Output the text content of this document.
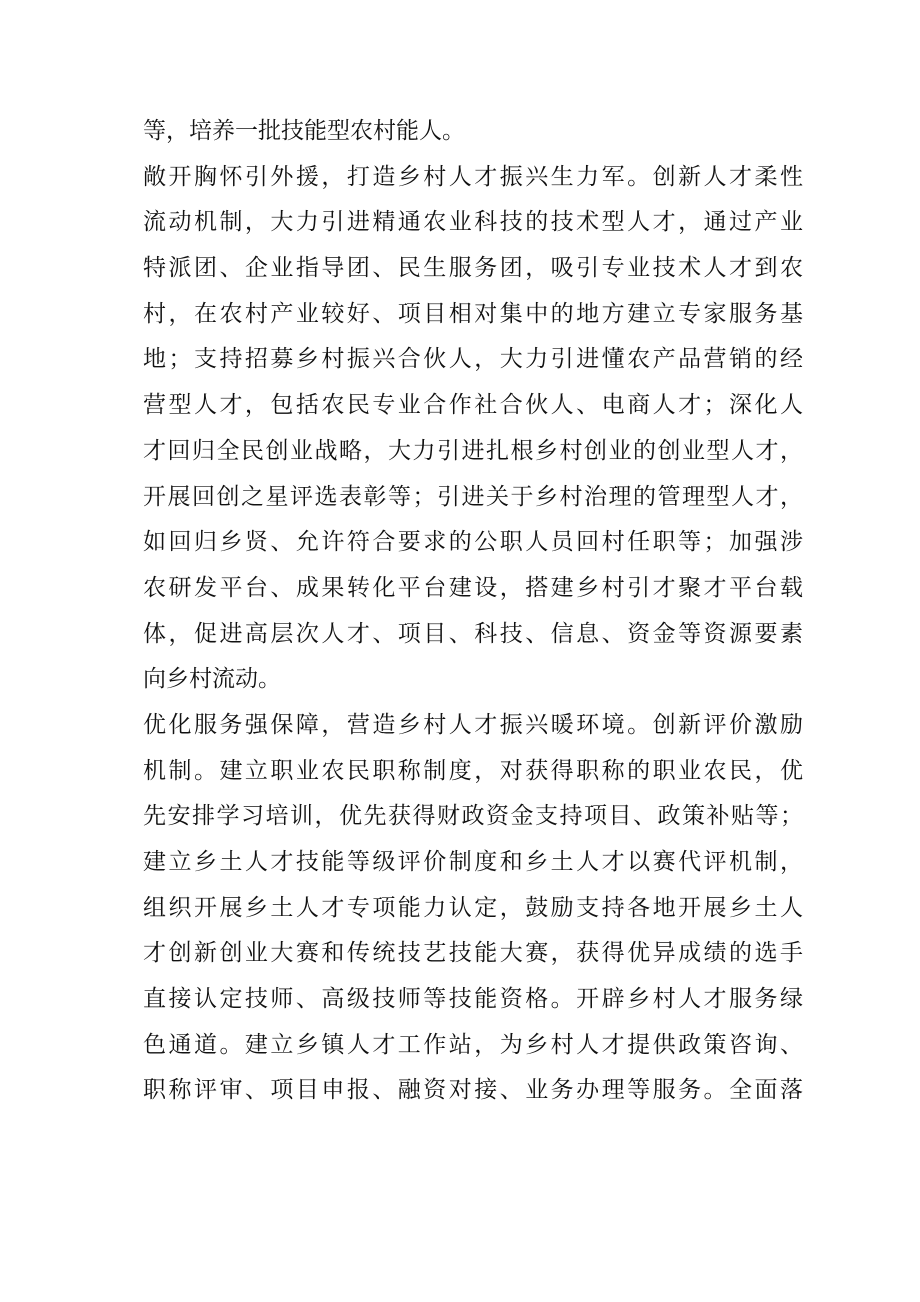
等，培养一批技能型农村能人。
敞开胸怀引外援，打造乡村人才振兴生力军。创新人才柔性
流动机制，大力引进精通农业科技的技术型人才，通过产业
特派团、企业指导团、民生服务团，吸引专业技术人才到农
村，在农村产业较好、项目相对集中的地方建立专家服务基
地；支持招募乡村振兴合伙人，大力引进懂农产品营销的经
营型人才，包括农民专业合作社合伙人、电商人才；深化人
才回归全民创业战略，大力引进扎根乡村创业的创业型人才，
开展回创之星评选表彰等；引进关于乡村治理的管理型人才，
如回归乡贤、允许符合要求的公职人员回村任职等；加强涉
农研发平台、成果转化平台建设，搭建乡村引才聚才平台载
体，促进高层次人才、项目、科技、信息、资金等资源要素
向乡村流动。
优化服务强保障，营造乡村人才振兴暖环境。创新评价激励
机制。建立职业农民职称制度，对获得职称的职业农民，优
先安排学习培训，优先获得财政资金支持项目、政策补贴等；
建立乡土人才技能等级评价制度和乡土人才以赛代评机制，
组织开展乡土人才专项能力认定，鼓励支持各地开展乡土人
才创新创业大赛和传统技艺技能大赛，获得优异成绩的选手
直接认定技师、高级技师等技能资格。开辟乡村人才服务绿
色通道。建立乡镇人才工作站，为乡村人才提供政策咨询、
职称评审、项目申报、融资对接、业务办理等服务。全面落
